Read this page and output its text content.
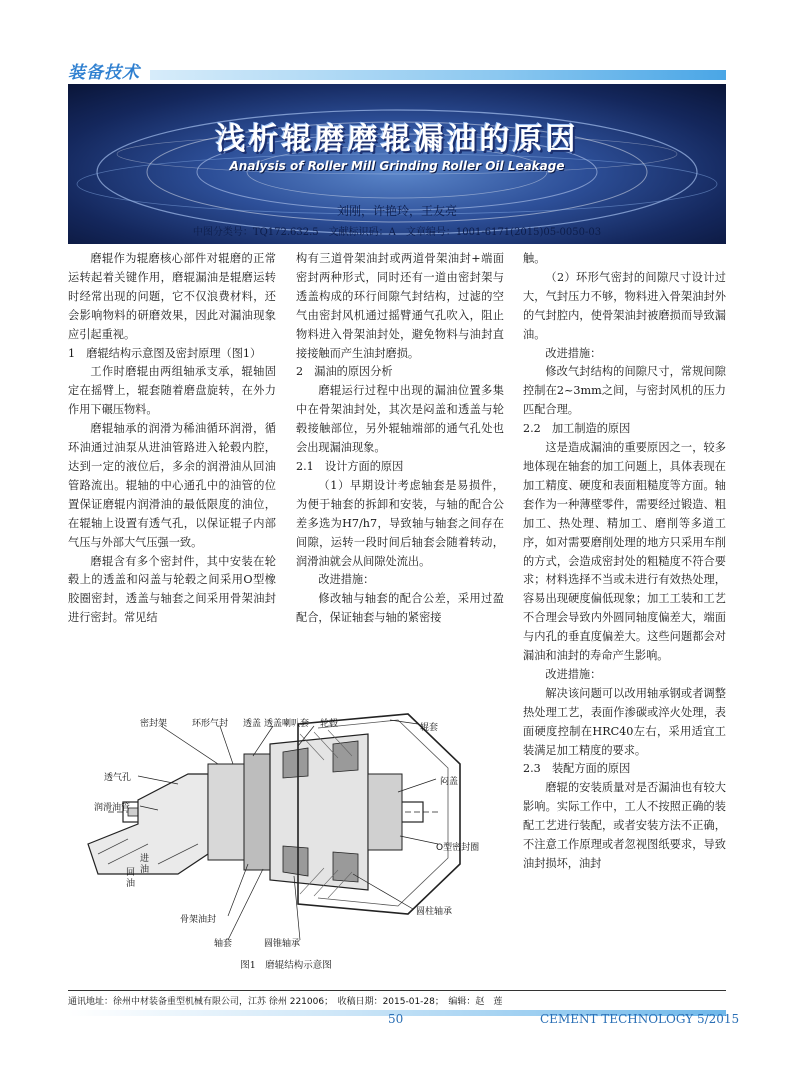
装备技术
浅析辊磨磨辊漏油的原因
Analysis of Roller Mill Grinding Roller Oil Leakage
刘刚，许艳玲，王友亮
中图分类号：TQ172.632.5　文献标识码：A　文章编号：1001-6171(2015)05-0050-03

磨辊作为辊磨核心部件对辊磨的正常运转起着关键作用，磨辊漏油是辊磨运转时经常出现的问题，它不仅浪费材料，还会影响物料的研磨效果，因此对漏油现象应引起重视。

1　磨辊结构示意图及密封原理（图1）

工作时磨辊由两组轴承支承，辊轴固定在摇臂上，辊套随着磨盘旋转，在外力作用下碾压物料。

磨辊轴承的润滑为稀油循环润滑，循环油通过油泵从进油管路进入轮毂内腔，达到一定的液位后，多余的润滑油从回油管路流出。辊轴的中心通孔中的油管的位置保证磨辊内润滑油的最低限度的油位，在辊轴上设置有透气孔，以保证辊子内部气压与外部大气压强一致。

磨辊含有多个密封件，其中安装在轮毂上的透盖和闷盖与轮毂之间采用O型橡胶圈密封，透盖与轴套之间采用骨架油封进行密封。常见结

构有三道骨架油封或两道骨架油封+端面密封两种形式，同时还有一道由密封架与透盖构成的环行间隙气封结构，过滤的空气由密封风机通过摇臂通气孔吹入，阻止物料进入骨架油封处，避免物料与油封直接接触而产生油封磨损。

2　漏油的原因分析

磨辊运行过程中出现的漏油位置多集中在骨架油封处，其次是闷盖和透盖与轮毂接触部位，另外辊轴端部的通气孔处也会出现漏油现象。

2.1　设计方面的原因

（1）早期设计考虑轴套是易损件，为便于轴套的拆卸和安装，与轴的配合公差多选为H7/h7，导致轴与轴套之间存在间隙，运转一段时间后轴套会随着转动，润滑油就会从间隙处流出。

改进措施：

修改轴与轴套的配合公差，采用过盈配合，保证轴套与轴的紧密接

触。

（2）环形气密封的间隙尺寸设计过大，气封压力不够，物料进入骨架油封外的气封腔内，使骨架油封被磨损而导致漏油。

改进措施：

修改气封结构的间隙尺寸，常规间隙控制在2~3mm之间，与密封风机的压力匹配合理。

2.2　加工制造的原因

这是造成漏油的重要原因之一，较多地体现在轴套的加工问题上，具体表现在加工精度、硬度和表面粗糙度等方面。轴套作为一种薄壁零件，需要经过锻造、粗加工、热处理、精加工、磨削等多道工序，如对需要磨削处理的地方只采用车削的方式，会造成密封处的粗糙度不符合要求；材料选择不当或未进行有效热处理，容易出现硬度偏低现象；加工工装和工艺不合理会导致内外圆同轴度偏差大，端面与内孔的垂直度偏差大。这些问题都会对漏油和油封的寿命产生影响。

改进措施：

解决该问题可以改用轴承钢或者调整热处理工艺，表面作渗碳或淬火处理，表面硬度控制在HRC40左右，采用适宜工装满足加工精度的要求。

2.3　装配方面的原因

磨辊的安装质量对是否漏油也有较大影响。实际工作中，工人不按照正确的装配工艺进行装配，或者安装方法不正确，不注意工作原理或者忽视图纸要求，导致油封损坏，油封

密封架	环形气封 透盖 透盖喇叭套 轮毂	辊套
透气孔
润滑油管
闷盖
O型密封圈
进油
回油
圆柱轴承
骨架油封
轴套	圆锥轴承
图1　磨辊结构示意图
通讯地址：徐州中材装备重型机械有限公司，江苏 徐州 221006；　收稿日期：2015-01-28；　编辑：赵　莲
50	CEMENT TECHNOLOGY 5/2015
